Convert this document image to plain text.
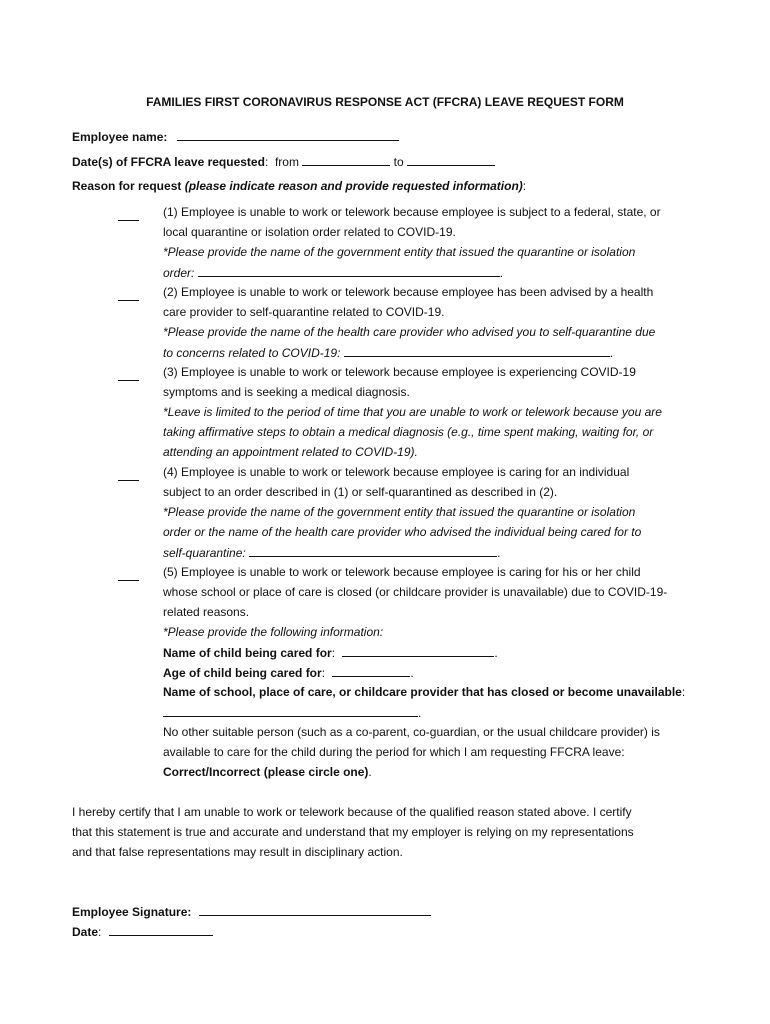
FAMILIES FIRST CORONAVIRUS RESPONSE ACT (FFCRA) LEAVE REQUEST FORM
Employee name:
Date(s) of FFCRA leave requested:  from	to
Reason for request (please indicate reason and provide requested information):
(1) Employee is unable to work or telework because employee is subject to a federal, state, or
local quarantine or isolation order related to COVID-19.
*Please provide the name of the government entity that issued the quarantine or isolation
order:	.
(2) Employee is unable to work or telework because employee has been advised by a health
care provider to self-quarantine related to COVID-19.
*Please provide the name of the health care provider who advised you to self-quarantine due
to concerns related to COVID-19:	.
(3) Employee is unable to work or telework because employee is experiencing COVID-19
symptoms and is seeking a medical diagnosis.
*Leave is limited to the period of time that you are unable to work or telework because you are
taking affirmative steps to obtain a medical diagnosis (e.g., time spent making, waiting for, or
attending an appointment related to COVID-19).
(4) Employee is unable to work or telework because employee is caring for an individual
subject to an order described in (1) or self-quarantined as described in (2).
*Please provide the name of the government entity that issued the quarantine or isolation
order or the name of the health care provider who advised the individual being cared for to
self-quarantine:	.
(5) Employee is unable to work or telework because employee is caring for his or her child
whose school or place of care is closed (or childcare provider is unavailable) due to COVID-19-
related reasons.
*Please provide the following information:
Name of child being cared for:	.
Age of child being cared for:	.
Name of school, place of care, or childcare provider that has closed or become unavailable:
.
No other suitable person (such as a co-parent, co-guardian, or the usual childcare provider) is
available to care for the child during the period for which I am requesting FFCRA leave:
Correct/Incorrect (please circle one).
I hereby certify that I am unable to work or telework because of the qualified reason stated above. I certify
that this statement is true and accurate and understand that my employer is relying on my representations
and that false representations may result in disciplinary action.
Employee Signature:
Date:
